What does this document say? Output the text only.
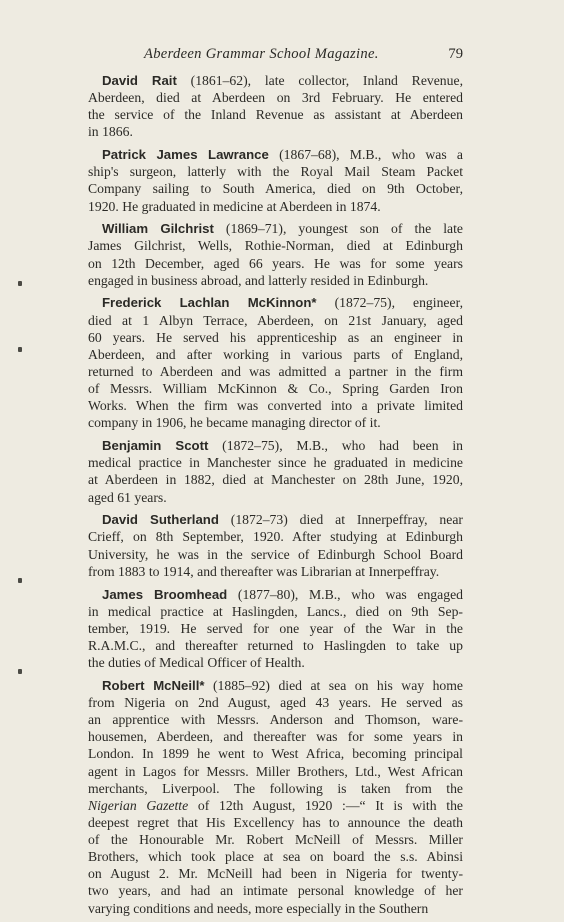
Aberdeen Grammar School Magazine.	79
David Rait (1861–62), late collector, Inland Revenue,
Aberdeen, died at Aberdeen on 3rd February. He entered
the service of the Inland Revenue as assistant at Aberdeen
in 1866.
Patrick James Lawrance (1867–68), M.B., who was a
ship's surgeon, latterly with the Royal Mail Steam Packet
Company sailing to South America, died on 9th October,
1920. He graduated in medicine at Aberdeen in 1874.
William Gilchrist (1869–71), youngest son of the late
James Gilchrist, Wells, Rothie-Norman, died at Edinburgh
on 12th December, aged 66 years. He was for some years
engaged in business abroad, and latterly resided in Edinburgh.
Frederick Lachlan McKinnon* (1872–75), engineer,
died at 1 Albyn Terrace, Aberdeen, on 21st January, aged
60 years. He served his apprenticeship as an engineer in
Aberdeen, and after working in various parts of England,
returned to Aberdeen and was admitted a partner in the firm
of Messrs. William McKinnon & Co., Spring Garden Iron
Works. When the firm was converted into a private limited
company in 1906, he became managing director of it.
Benjamin Scott (1872–75), M.B., who had been in
medical practice in Manchester since he graduated in medicine
at Aberdeen in 1882, died at Manchester on 28th June, 1920,
aged 61 years.
David Sutherland (1872–73) died at Innerpeffray, near
Crieff, on 8th September, 1920. After studying at Edinburgh
University, he was in the service of Edinburgh School Board
from 1883 to 1914, and thereafter was Librarian at Innerpeffray.
James Broomhead (1877–80), M.B., who was engaged
in medical practice at Haslingden, Lancs., died on 9th Sep-
tember, 1919. He served for one year of the War in the
R.A.M.C., and thereafter returned to Haslingden to take up
the duties of Medical Officer of Health.
Robert McNeill* (1885–92) died at sea on his way home
from Nigeria on 2nd August, aged 43 years. He served as
an apprentice with Messrs. Anderson and Thomson, ware-
housemen, Aberdeen, and thereafter was for some years in
London. In 1899 he went to West Africa, becoming principal
agent in Lagos for Messrs. Miller Brothers, Ltd., West African
merchants, Liverpool. The following is taken from the
Nigerian Gazette of 12th August, 1920 :—“ It is with the
deepest regret that His Excellency has to announce the death
of the Honourable Mr. Robert McNeill of Messrs. Miller
Brothers, which took place at sea on board the s.s. Abinsi
on August 2. Mr. McNeill had been in Nigeria for twenty-
two years, and had an intimate personal knowledge of her
varying conditions and needs, more especially in the Southern
